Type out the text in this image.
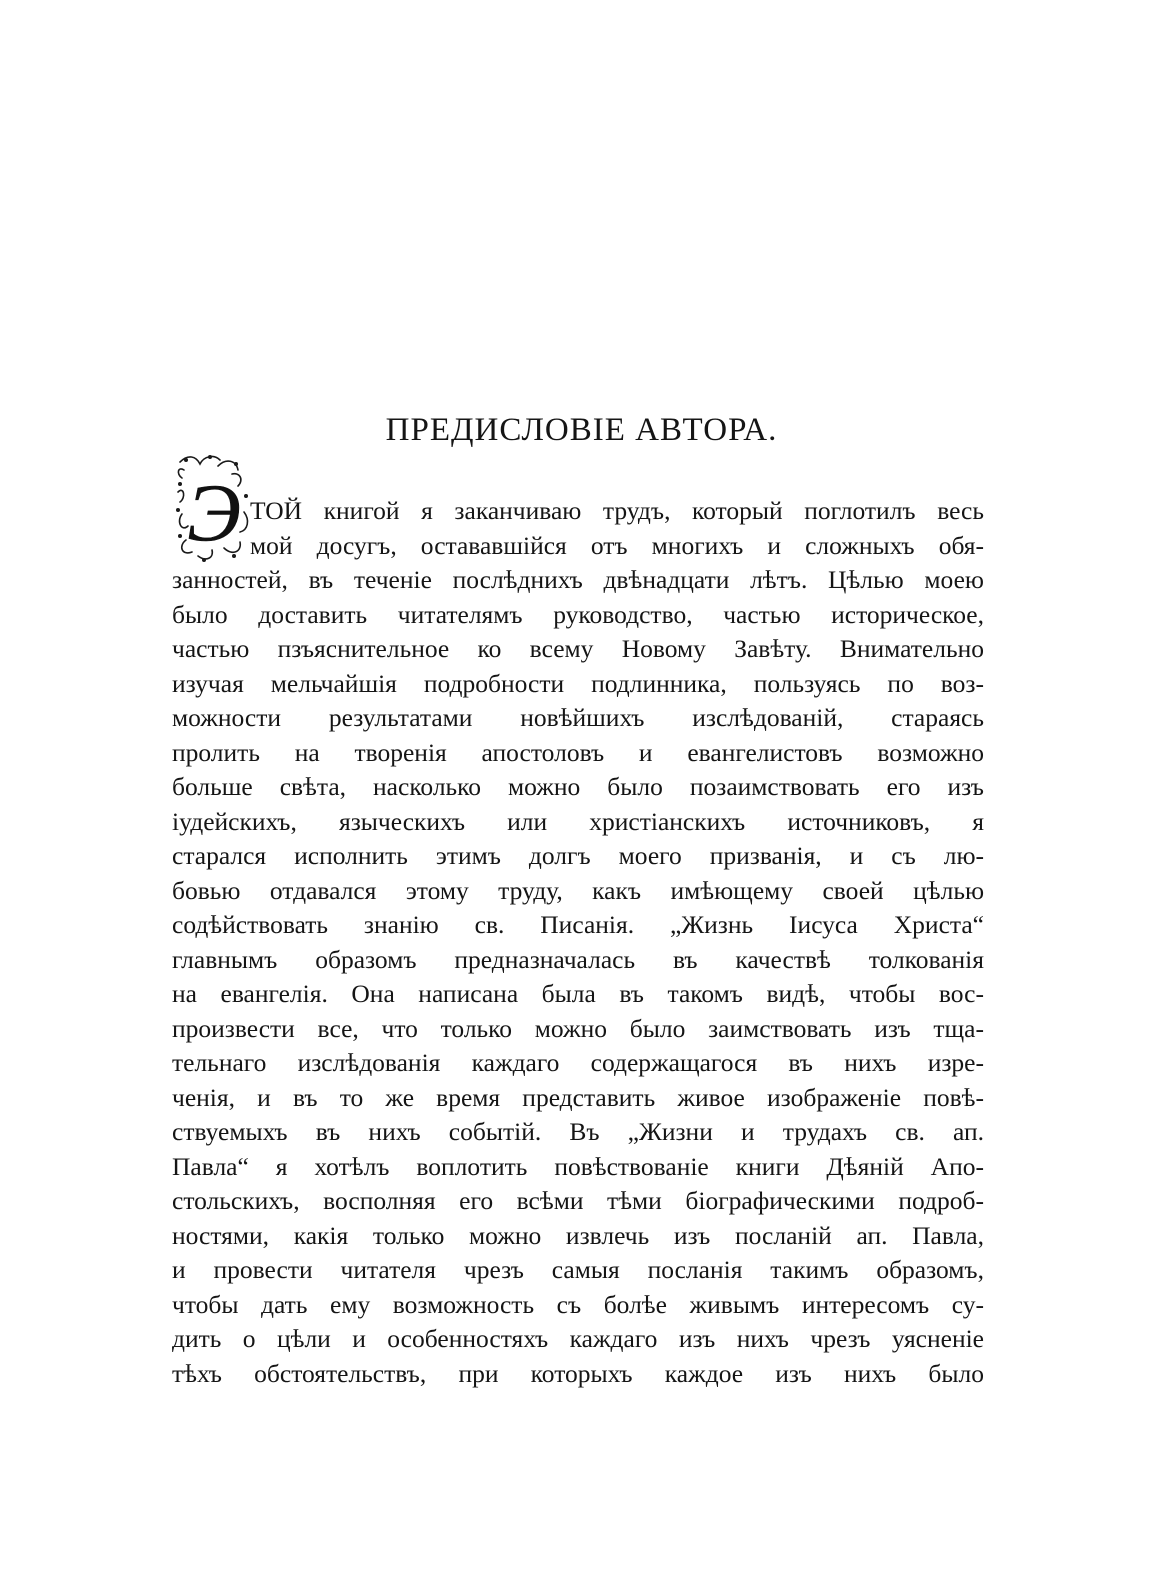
ПРЕДИСЛОВІЕ АВТОРА.
Э ТОЙ книгой я заканчиваю трудъ, который поглотилъ весь
мой досугъ, остававшійся отъ многихъ и сложныхъ обя-
занностей, въ теченіе послѣднихъ двѣнадцати лѣтъ. Цѣлью моею
было доставить читателямъ руководство, частью историческое,
частью пзъяснительное ко всему Новому Завѣту. Внимательно
изучая мельчайшія подробности подлинника, пользуясь по воз-
можности результатами новѣйшихъ изслѣдованій, стараясь
пролить на творенія апостоловъ и евангелистовъ возможно
больше свѣта, насколько можно было позаимствовать его изъ
іудейскихъ, языческихъ или христіанскихъ источниковъ, я
старался исполнить этимъ долгъ моего призванія, и съ лю-
бовью отдавался этому труду, какъ имѣющему своей цѣлью
содѣйствовать знанію св. Писанія. „Жизнь Іисуса Христа“
главнымъ образомъ предназначалась въ качествѣ толкованія
на евангелія. Она написана была въ такомъ видѣ, чтобы вос-
произвести все, что только можно было заимствовать изъ тща-
тельнаго изслѣдованія каждаго содержащагося въ нихъ изре-
ченія, и въ то же время представить живое изображеніе повѣ-
ствуемыхъ въ нихъ событій. Въ „Жизни и трудахъ св. ап.
Павла“ я хотѣлъ воплотить повѣствованіе книги Дѣяній Апо-
стольскихъ, восполняя его всѣми тѣми біографическими подроб-
ностями, какія только можно извлечь изъ посланій ап. Павла,
и провести читателя чрезъ самыя посланія такимъ образомъ,
чтобы дать ему возможность съ болѣе живымъ интересомъ су-
дить о цѣли и особенностяхъ каждаго изъ нихъ чрезъ уясненіе
тѣхъ обстоятельствъ, при которыхъ каждое изъ нихъ было
